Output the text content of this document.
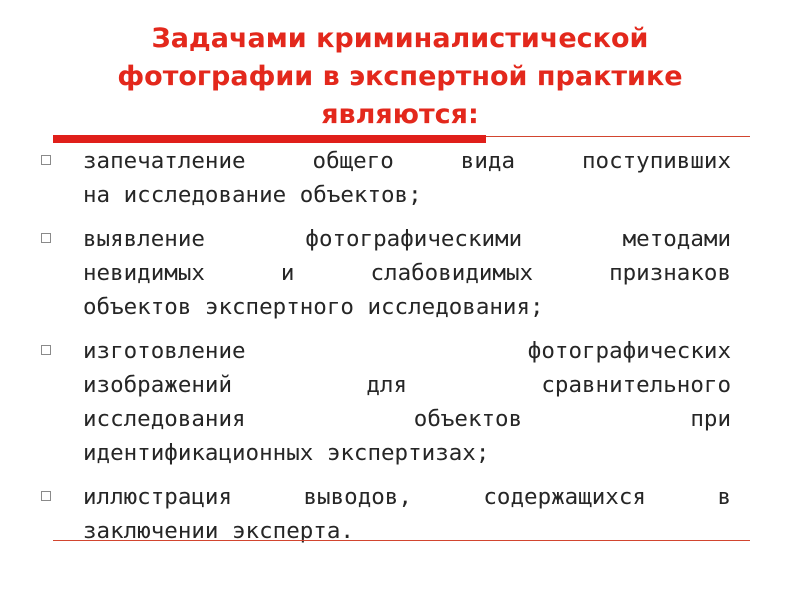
Задачами криминалистической
фотографии в экспертной практике
являются:
запечатление общего вида поступивших
на исследование объектов;
выявление фотографическими методами
невидимых и слабовидимых признаков
объектов экспертного исследования;
изготовление фотографических
изображений для сравнительного
исследования объектов при
идентификационных экспертизах;
иллюстрация выводов, содержащихся в
заключении эксперта.
